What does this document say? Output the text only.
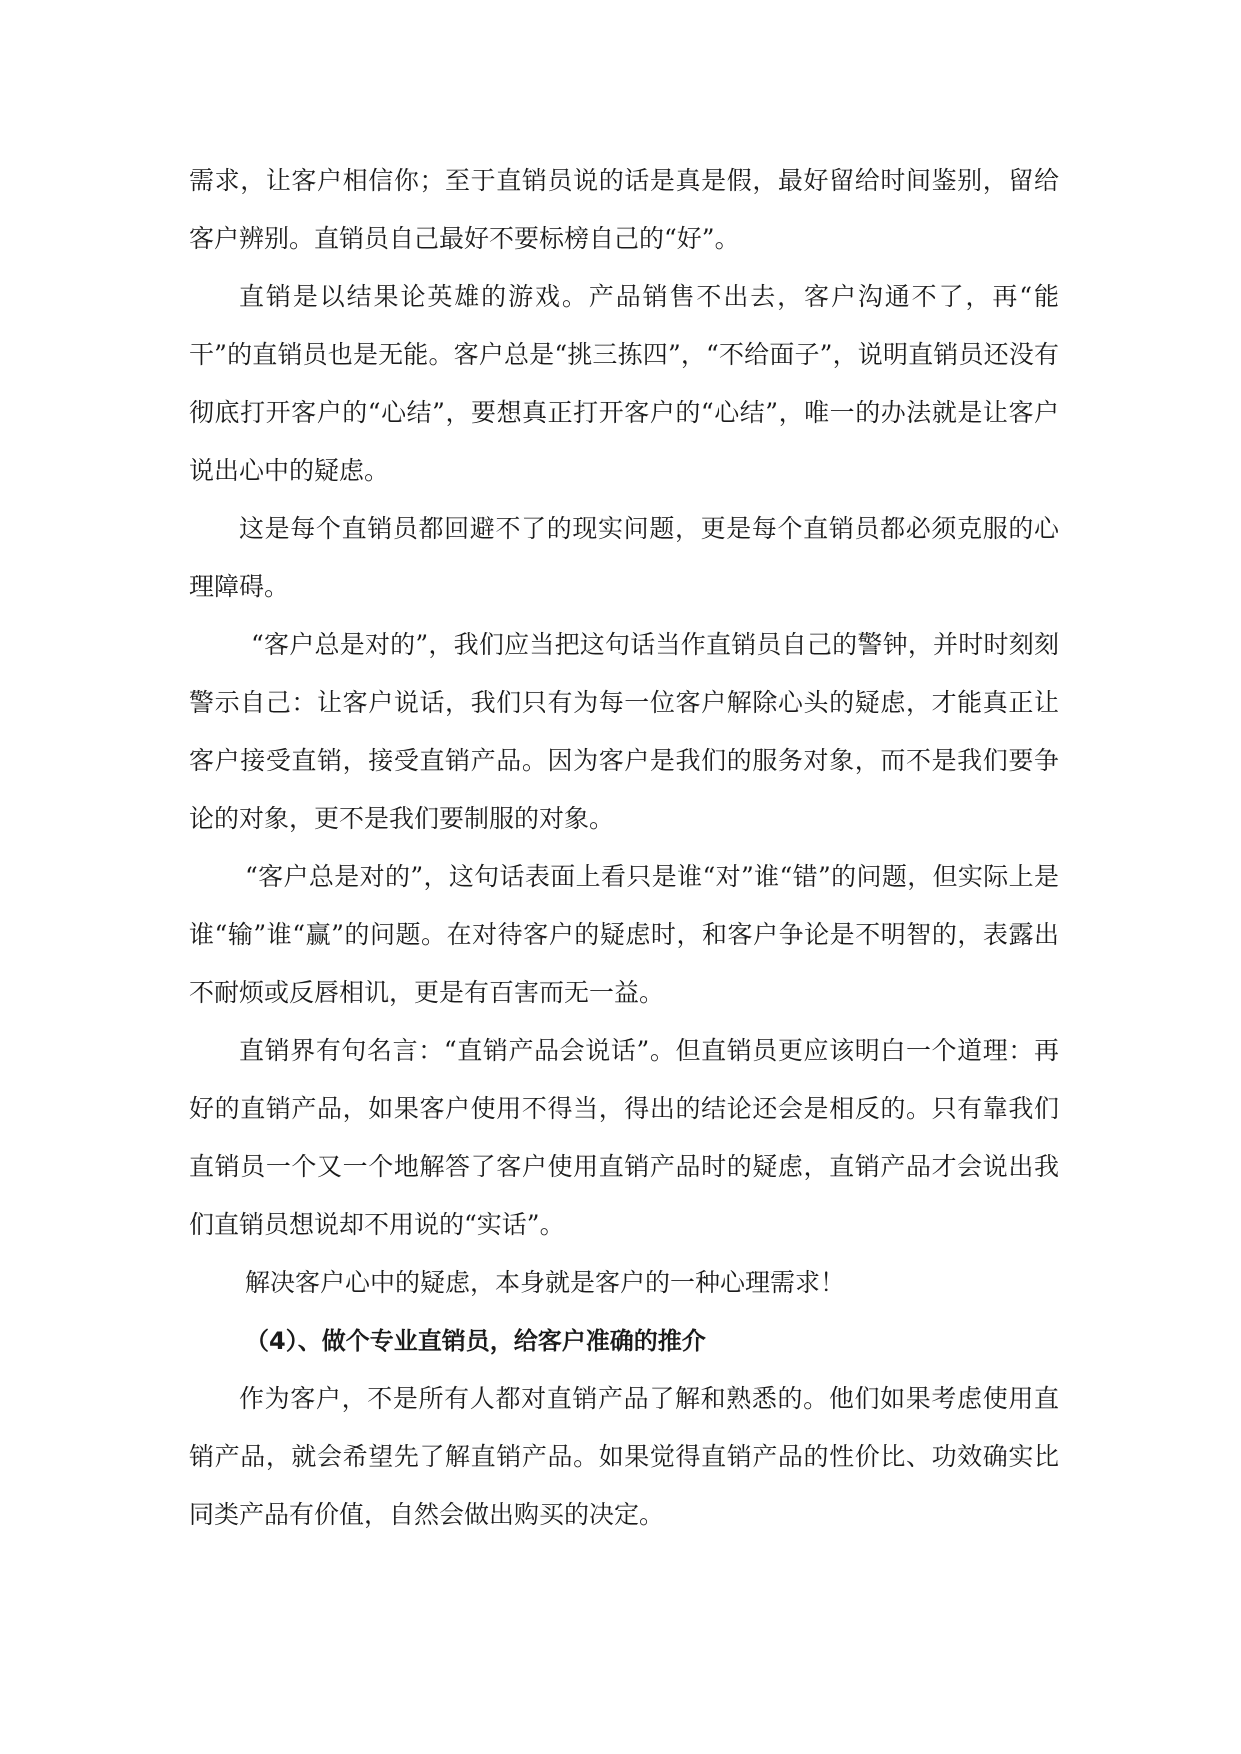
需求，让客户相信你；至于直销员说的话是真是假，最好留给时间鉴别，留给客户辨别。直销员自己最好不要标榜自己的“好”。

直销是以结果论英雄的游戏。产品销售不出去，客户沟通不了，再“能干”的直销员也是无能。客户总是“挑三拣四”，“不给面子”，说明直销员还没有彻底打开客户的“心结”，要想真正打开客户的“心结”，唯一的办法就是让客户说出心中的疑虑。

这是每个直销员都回避不了的现实问题，更是每个直销员都必须克服的心理障碍。

“客户总是对的”，我们应当把这句话当作直销员自己的警钟，并时时刻刻警示自己：让客户说话，我们只有为每一位客户解除心头的疑虑，才能真正让客户接受直销，接受直销产品。因为客户是我们的服务对象，而不是我们要争论的对象，更不是我们要制服的对象。

“客户总是对的”，这句话表面上看只是谁“对”谁“错”的问题，但实际上是谁“输”谁“赢”的问题。在对待客户的疑虑时，和客户争论是不明智的，表露出不耐烦或反唇相讥，更是有百害而无一益。

直销界有句名言：“直销产品会说话”。但直销员更应该明白一个道理：再好的直销产品，如果客户使用不得当，得出的结论还会是相反的。只有靠我们直销员一个又一个地解答了客户使用直销产品时的疑虑，直销产品才会说出我们直销员想说却不用说的“实话”。

解决客户心中的疑虑，本身就是客户的一种心理需求！

（4）、做个专业直销员，给客户准确的推介

作为客户，不是所有人都对直销产品了解和熟悉的。他们如果考虑使用直销产品，就会希望先了解直销产品。如果觉得直销产品的性价比、功效确实比同类产品有价值，自然会做出购买的决定。
